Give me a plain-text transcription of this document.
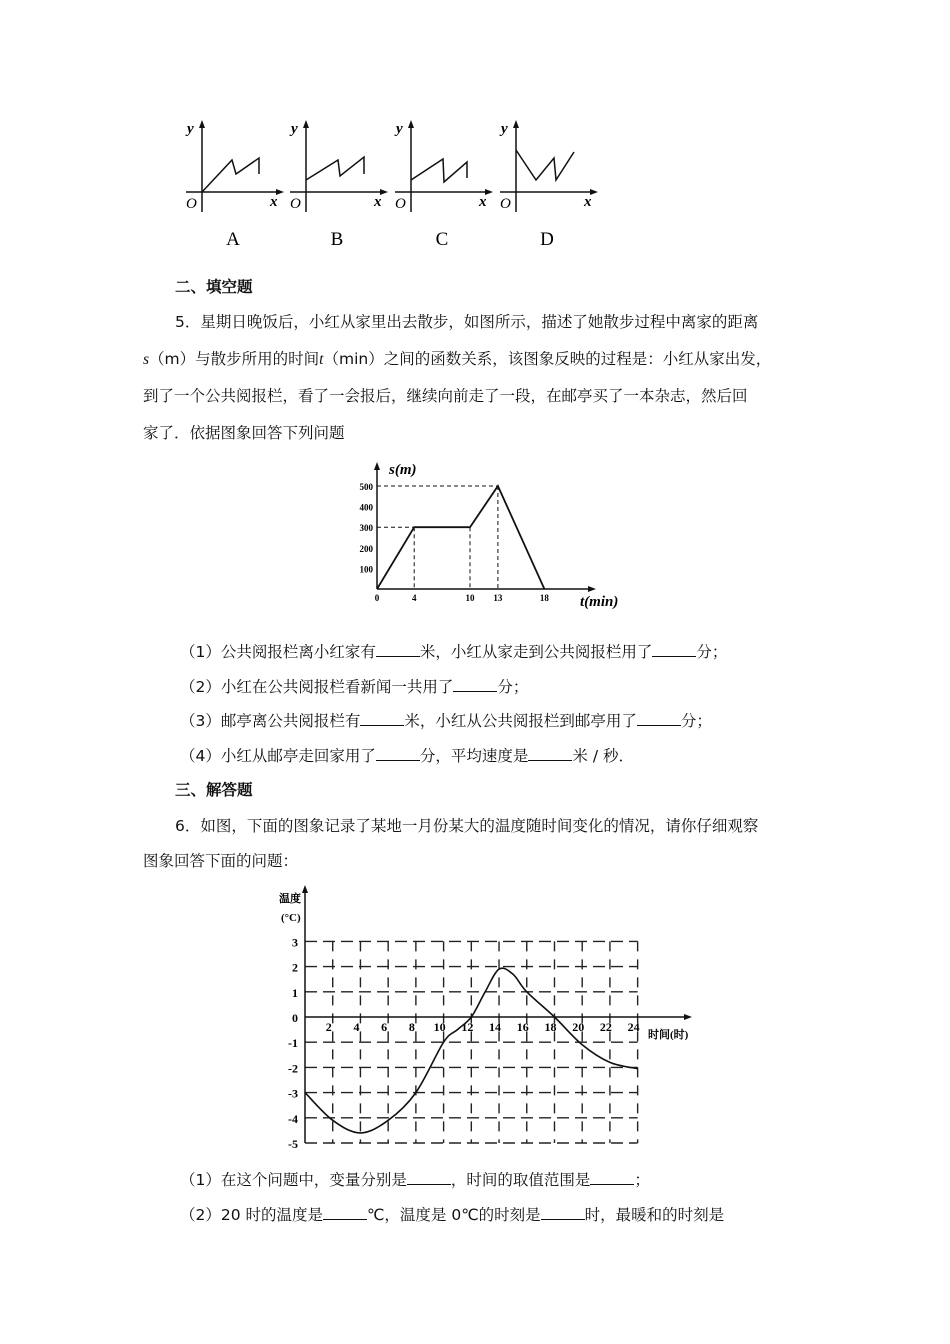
y
x
O
A
y
x
O
B
y
x
O
C
y
x
O
D
二、填空题
5．星期日晚饭后，小红从家里出去散步，如图所示，描述了她散步过程中离家的距离
s（m）与散步所用的时间t（min）之间的函数关系，该图象反映的过程是：小红从家出发，
到了一个公共阅报栏，看了一会报后，继续向前走了一段，在邮亭买了一本杂志，然后回
家了．依据图象回答下列问题
s(m)
t(min)
100
200
300
400
500
0	4	10 13	18
（1）公共阅报栏离小红家有	米，小红从家走到公共阅报栏用了	分；
（2）小红在公共阅报栏看新闻一共用了	分；
（3）邮亭离公共阅报栏有	米，小红从公共阅报栏到邮亭用了	分；
（4）小红从邮亭走回家用了	分，平均速度是	米 / 秒．
三、解答题
6．如图，下面的图象记录了某地一月份某大的温度随时间变化的情况，请你仔细观察
图象回答下面的问题：
温度
(°C)
时间(时)
3
2
1
0
-1
-2
-3
-4
-5
2 4 6 8 10 12 14 16 18 20 22 24
（1）在这个问题中，变量分别是	，时间的取值范围是	；
（2）20 时的温度是	℃，温度是 0℃的时刻是	时，最暖和的时刻是
